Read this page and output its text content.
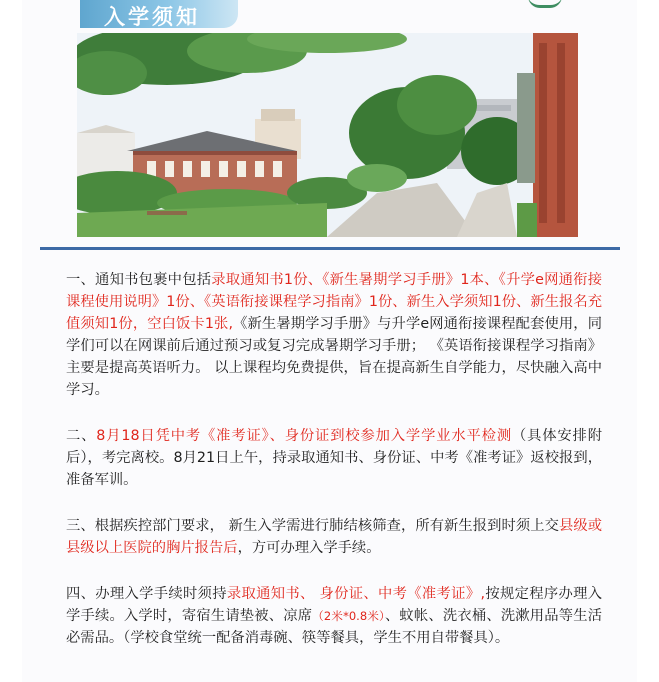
入学须知

一、通知书包裹中包括录取通知书1份、《新生暑期学习手册》1本、《升学e网通衔接课程使用说明》1份、《英语衔接课程学习指南》1份、新生入学须知1份、新生报名充值须知1份，空白饭卡1张,《新生暑期学习手册》与升学e网通衔接课程配套使用，同学们可以在网课前后通过预习或复习完成暑期学习手册； 《英语衔接课程学习指南》主要是提高英语听力。 以上课程均免费提供，旨在提高新生自学能力，尽快融入高中学习。

二、8月18日凭中考《准考证》、身份证到校参加入学学业水平检测（具体安排附后），考完离校。8月21日上午，持录取通知书、身份证、中考《准考证》返校报到，准备军训。

三、根据疾控部门要求， 新生入学需进行肺结核筛查，所有新生报到时须上交县级或县级以上医院的胸片报告后，方可办理入学手续。

四、办理入学手续时须持录取通知书、 身份证、中考《准考证》,按规定程序办理入学手续。入学时，寄宿生请垫被、凉席（2米*0.8米）、蚊帐、洗衣桶、洗漱用品等生活必需品。（学校食堂统一配备消毒碗、筷等餐具，学生不用自带餐具）。
